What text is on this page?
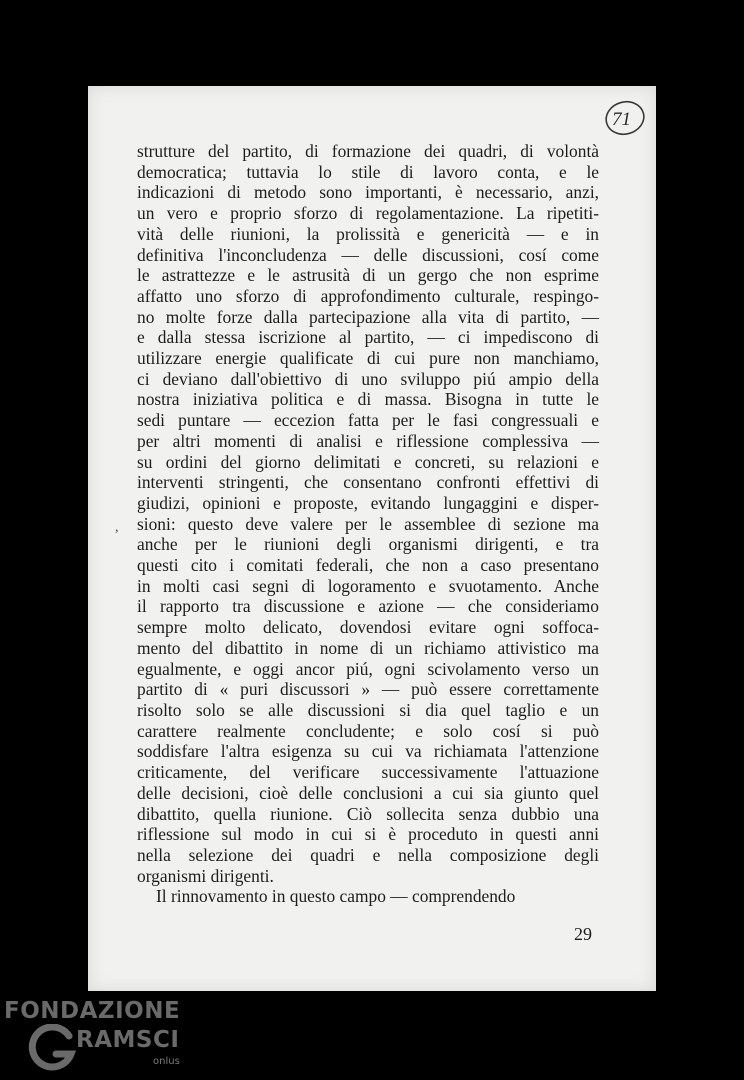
71
,
strutture del partito, di formazione dei quadri, di volontà
democratica; tuttavia lo stile di lavoro conta, e le
indicazioni di metodo sono importanti, è necessario, anzi,
un vero e proprio sforzo di regolamentazione. La ripetiti-
vità delle riunioni, la prolissità e genericità — e in
definitiva l'inconcludenza — delle discussioni, cosí come
le astrattezze e le astrusità di un gergo che non esprime
affatto uno sforzo di approfondimento culturale, respingo-
no molte forze dalla partecipazione alla vita di partito, —
e dalla stessa iscrizione al partito, — ci impediscono di
utilizzare energie qualificate di cui pure non manchiamo,
ci deviano dall'obiettivo di uno sviluppo piú ampio della
nostra iniziativa politica e di massa. Bisogna in tutte le
sedi puntare — eccezion fatta per le fasi congressuali e
per altri momenti di analisi e riflessione complessiva —
su ordini del giorno delimitati e concreti, su relazioni e
interventi stringenti, che consentano confronti effettivi di
giudizi, opinioni e proposte, evitando lungaggini e disper-
sioni: questo deve valere per le assemblee di sezione ma
anche per le riunioni degli organismi dirigenti, e tra
questi cito i comitati federali, che non a caso presentano
in molti casi segni di logoramento e svuotamento. Anche
il rapporto tra discussione e azione — che consideriamo
sempre molto delicato, dovendosi evitare ogni soffoca-
mento del dibattito in nome di un richiamo attivistico ma
egualmente, e oggi ancor piú, ogni scivolamento verso un
partito di « puri discussori » — può essere correttamente
risolto solo se alle discussioni si dia quel taglio e un
carattere realmente concludente; e solo cosí si può
soddisfare l'altra esigenza su cui va richiamata l'attenzione
criticamente, del verificare successivamente l'attuazione
delle decisioni, cioè delle conclusioni a cui sia giunto quel
dibattito, quella riunione. Ciò sollecita senza dubbio una
riflessione sul modo in cui si è proceduto in questi anni
nella selezione dei quadri e nella composizione degli
organismi dirigenti.
Il rinnovamento in questo campo — comprendendo
29
FONDAZIONE
RAMSCI
onlus
